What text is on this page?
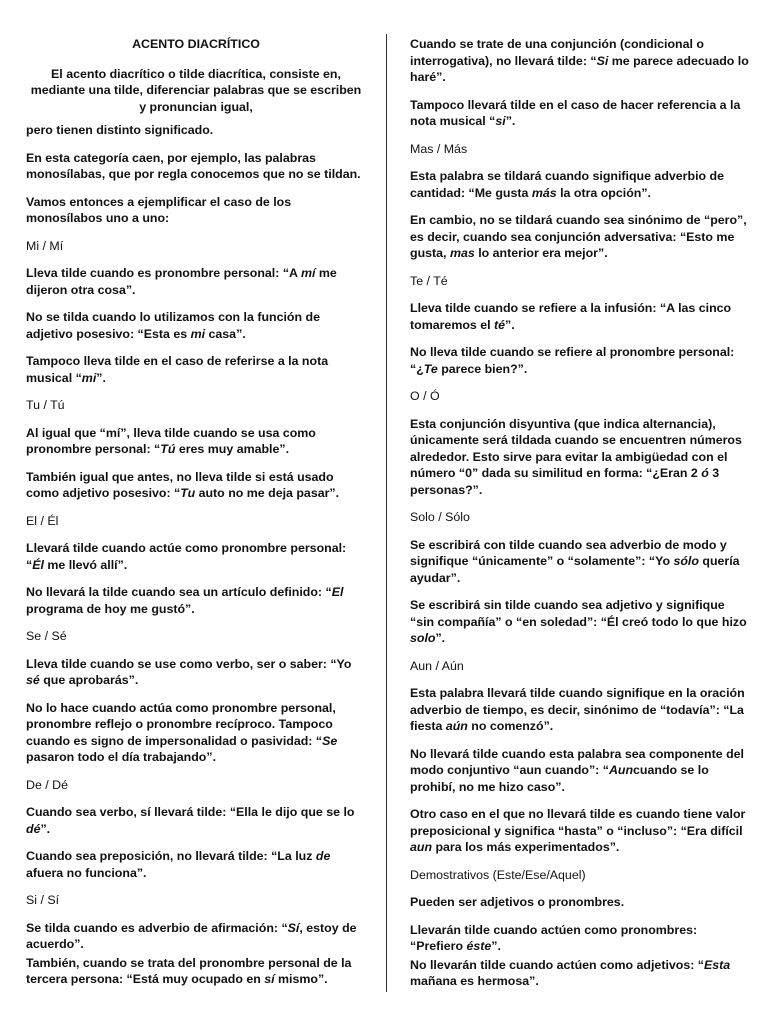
ACENTO DIACRÍTICO

El acento diacrítico o tilde diacrítica, consiste en, mediante una tilde, diferenciar palabras que se escriben y pronuncian igual,

pero tienen distinto significado.

En esta categoría caen, por ejemplo, las palabras monosílabas, que por regla conocemos que no se tildan.

Vamos entonces a ejemplificar el caso de los monosílabos uno a uno:

Mi / Mí

Lleva tilde cuando es pronombre personal: “A mí me dijeron otra cosa”.

No se tilda cuando lo utilizamos con la función de adjetivo posesivo: “Esta es mi casa”.

Tampoco lleva tilde en el caso de referirse a la nota musical “mi”.

Tu / Tú

Al igual que “mí”, lleva tilde cuando se usa como pronombre personal: “Tú eres muy amable”.

También igual que antes, no lleva tilde si está usado como adjetivo posesivo: “Tu auto no me deja pasar”.

El / Él

Llevará tilde cuando actúe como pronombre personal: “Él me llevó allí”.

No llevará la tilde cuando sea un artículo definido: “El programa de hoy me gustó”.

Se / Sé

Lleva tilde cuando se use como verbo, ser o saber: “Yo sé que aprobarás”.

No lo hace cuando actúa como pronombre personal, pronombre reflejo o pronombre recíproco. Tampoco cuando es signo de impersonalidad o pasividad: “Se pasaron todo el día trabajando”.

De / Dé

Cuando sea verbo, sí llevará tilde: “Ella le dijo que se lo dé”.

Cuando sea preposición, no llevará tilde: “La luz de afuera no funciona”.

Si / Sí

Se tilda cuando es adverbio de afirmación: “Sí, estoy de acuerdo”.

También, cuando se trata del pronombre personal de la tercera persona: “Está muy ocupado en sí mismo”.

Cuando se trate de una conjunción (condicional o interrogativa), no llevará tilde: “Si me parece adecuado lo haré”.

Tampoco llevará tilde en el caso de hacer referencia a la nota musical “si”.

Mas / Más

Esta palabra se tildará cuando signifique adverbio de cantidad: “Me gusta más la otra opción”.

En cambio, no se tildará cuando sea sinónimo de “pero”, es decir, cuando sea conjunción adversativa: “Esto me gusta, mas lo anterior era mejor”.

Te / Té

Lleva tilde cuando se refiere a la infusión: “A las cinco tomaremos el té”.

No lleva tilde cuando se refiere al pronombre personal: “¿Te parece bien?”.

O / Ó

Esta conjunción disyuntiva (que indica alternancia), únicamente será tildada cuando se encuentren números alrededor. Esto sirve para evitar la ambigüedad con el número “0” dada su similitud en forma: “¿Eran 2 ó 3 personas?”.

Solo / Sólo

Se escribirá con tilde cuando sea adverbio de modo y signifique “únicamente” o “solamente”: “Yo sólo quería ayudar”.

Se escribirá sin tilde cuando sea adjetivo y signifique “sin compañía” o “en soledad”: “Él creó todo lo que hizo solo”.

Aun / Aún

Esta palabra llevará tilde cuando signifique en la oración adverbio de tiempo, es decir, sinónimo de “todavía”: “La fiesta aún no comenzó”.

No llevará tilde cuando esta palabra sea componente del modo conjuntivo “aun cuando”: “Auncuando se lo prohibí, no me hizo caso”.

Otro caso en el que no llevará tilde es cuando tiene valor preposicional y significa “hasta” o “incluso”: “Era difícil aun para los más experimentados”.

Demostrativos (Este/Ese/Aquel)

Pueden ser adjetivos o pronombres.

Llevarán tilde cuando actúen como pronombres: “Prefiero éste”.

No llevarán tilde cuando actúen como adjetivos: “Esta mañana es hermosa”.
